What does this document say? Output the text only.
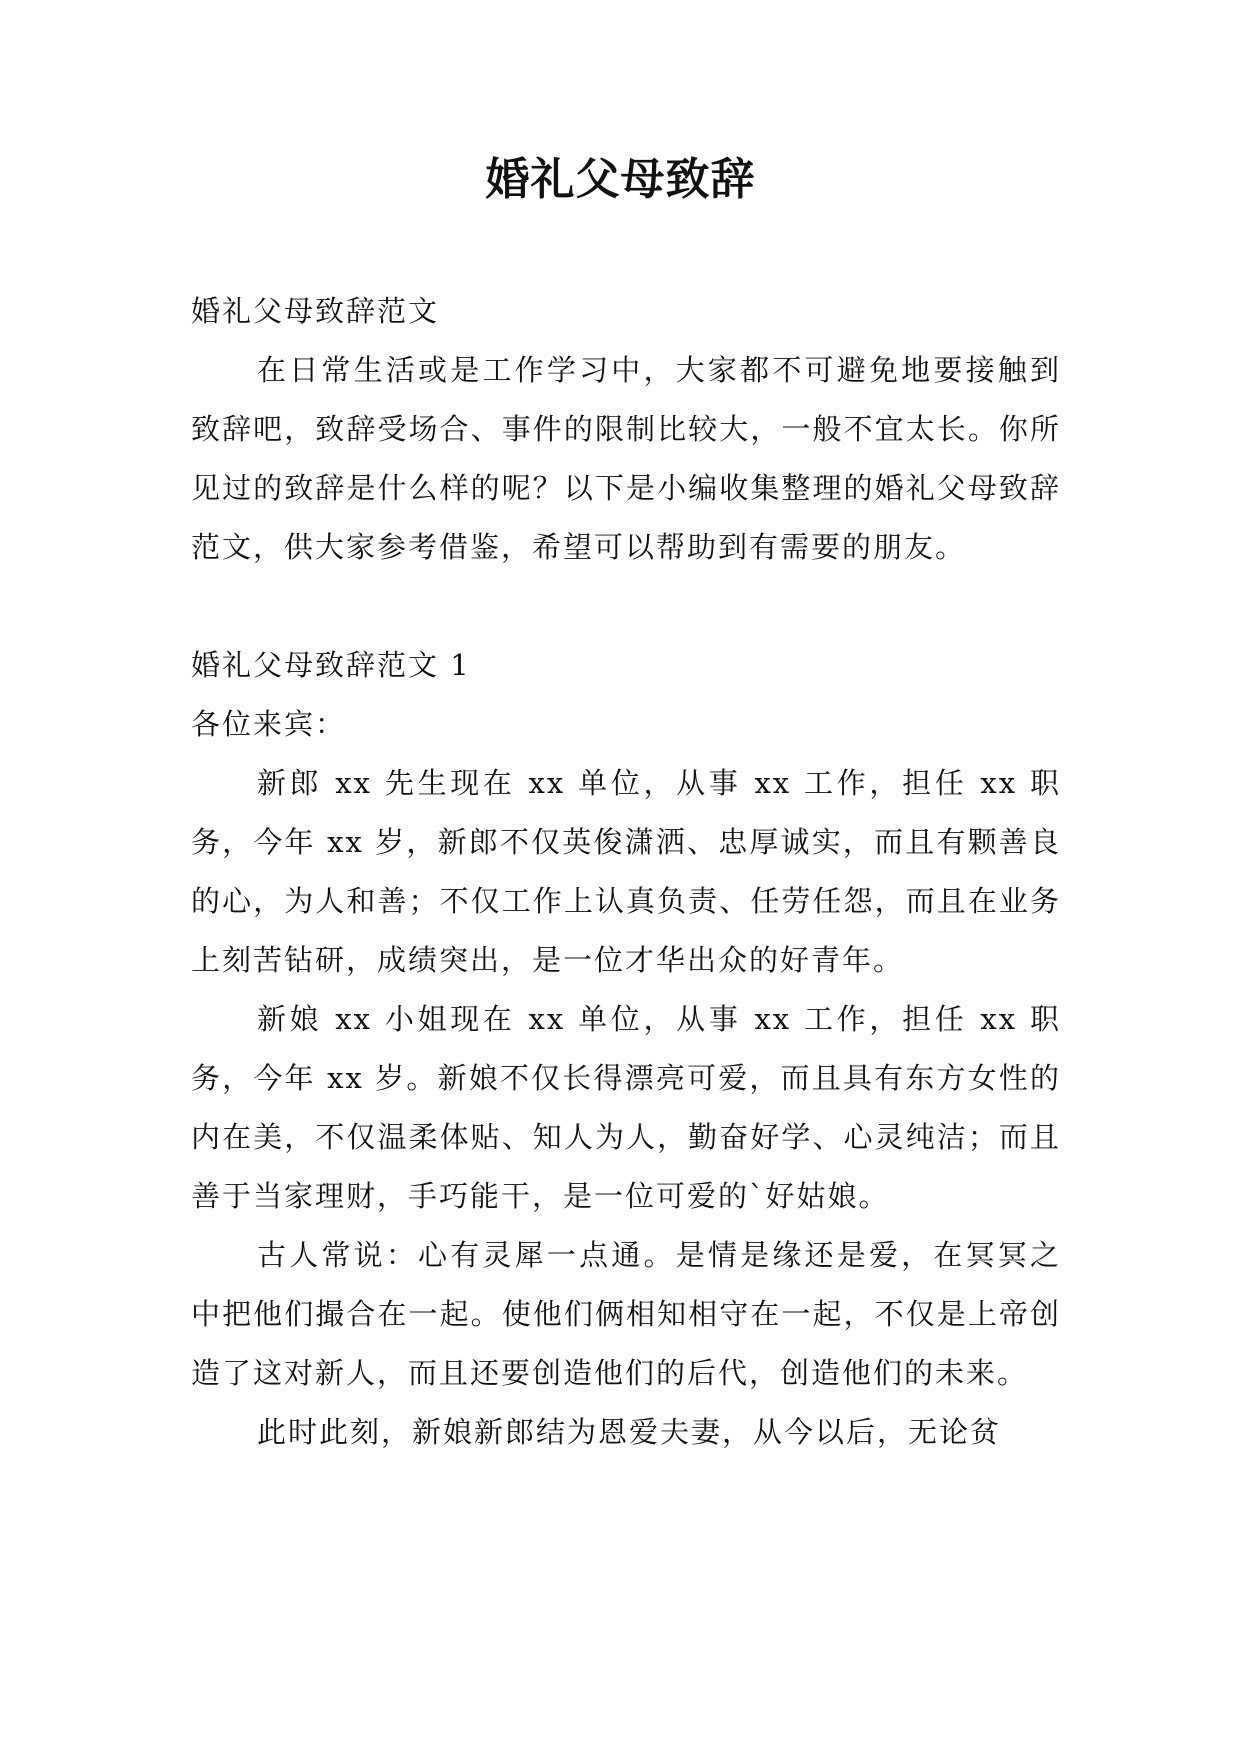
婚礼父母致辞

婚礼父母致辞范文

在日常生活或是工作学习中，大家都不可避免地要接触到致辞吧，致辞受场合、事件的限制比较大，一般不宜太长。你所见过的致辞是什么样的呢？以下是小编收集整理的婚礼父母致辞范文，供大家参考借鉴，希望可以帮助到有需要的朋友。

婚礼父母致辞范文 1

各位来宾：

新郎 xx 先生现在 xx 单位，从事 xx 工作，担任 xx 职务，今年 xx 岁，新郎不仅英俊潇洒、忠厚诚实，而且有颗善良的心，为人和善；不仅工作上认真负责、任劳任怨，而且在业务上刻苦钻研，成绩突出，是一位才华出众的好青年。

新娘 xx 小姐现在 xx 单位，从事 xx 工作，担任 xx 职务，今年 xx 岁。新娘不仅长得漂亮可爱，而且具有东方女性的内在美，不仅温柔体贴、知人为人，勤奋好学、心灵纯洁；而且善于当家理财，手巧能干，是一位可爱的`好姑娘。

古人常说：心有灵犀一点通。是情是缘还是爱，在冥冥之中把他们撮合在一起。使他们俩相知相守在一起，不仅是上帝创造了这对新人，而且还要创造他们的后代，创造他们的未来。

此时此刻，新娘新郎结为恩爱夫妻，从今以后，无论贫
